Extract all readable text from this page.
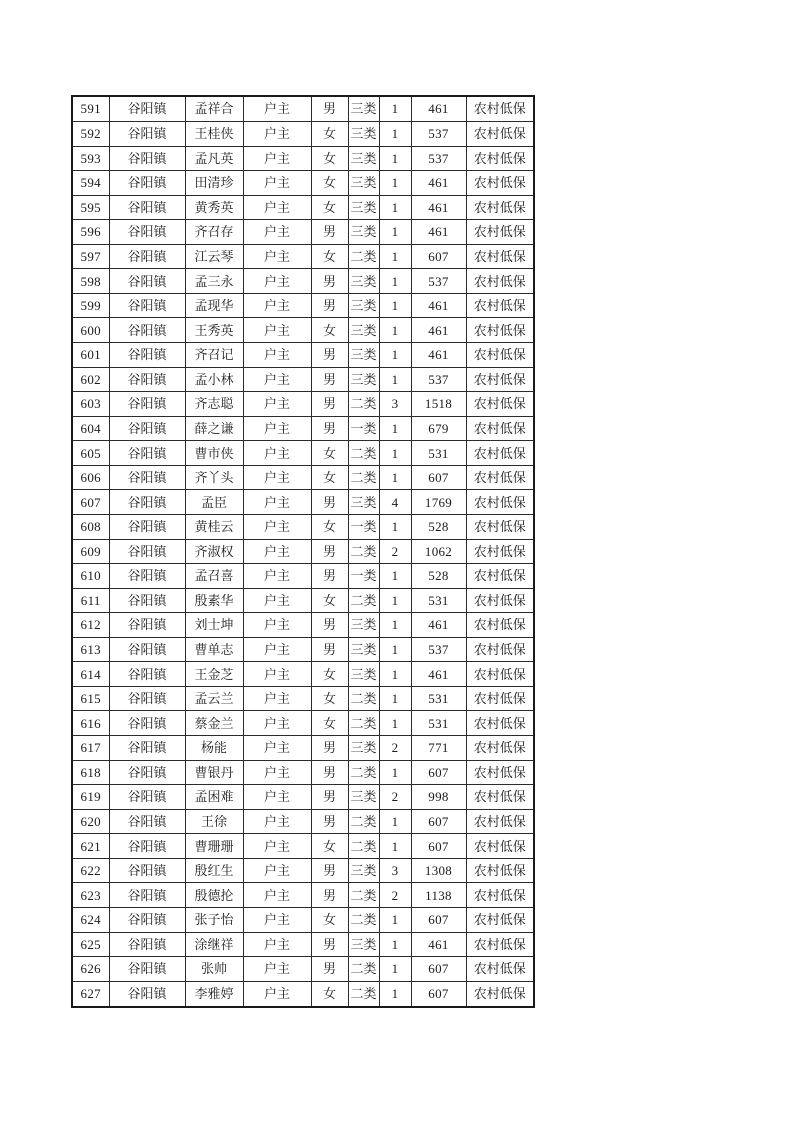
591	谷阳镇	孟祥合	户主	男	三类	1	461	农村低保
592	谷阳镇	王桂侠	户主	女	三类	1	537	农村低保
593	谷阳镇	孟凡英	户主	女	三类	1	537	农村低保
594	谷阳镇	田清珍	户主	女	三类	1	461	农村低保
595	谷阳镇	黄秀英	户主	女	三类	1	461	农村低保
596	谷阳镇	齐召存	户主	男	三类	1	461	农村低保
597	谷阳镇	江云琴	户主	女	二类	1	607	农村低保
598	谷阳镇	孟三永	户主	男	三类	1	537	农村低保
599	谷阳镇	孟现华	户主	男	三类	1	461	农村低保
600	谷阳镇	王秀英	户主	女	三类	1	461	农村低保
601	谷阳镇	齐召记	户主	男	三类	1	461	农村低保
602	谷阳镇	孟小林	户主	男	三类	1	537	农村低保
603	谷阳镇	齐志聪	户主	男	二类	3	1518	农村低保
604	谷阳镇	薛之谦	户主	男	一类	1	679	农村低保
605	谷阳镇	曹市侠	户主	女	二类	1	531	农村低保
606	谷阳镇	齐丫头	户主	女	二类	1	607	农村低保
607	谷阳镇	孟臣	户主	男	三类	4	1769	农村低保
608	谷阳镇	黄桂云	户主	女	一类	1	528	农村低保
609	谷阳镇	齐淑权	户主	男	二类	2	1062	农村低保
610	谷阳镇	孟召喜	户主	男	一类	1	528	农村低保
611	谷阳镇	殷素华	户主	女	二类	1	531	农村低保
612	谷阳镇	刘士坤	户主	男	三类	1	461	农村低保
613	谷阳镇	曹单志	户主	男	三类	1	537	农村低保
614	谷阳镇	王金芝	户主	女	三类	1	461	农村低保
615	谷阳镇	孟云兰	户主	女	二类	1	531	农村低保
616	谷阳镇	蔡金兰	户主	女	二类	1	531	农村低保
617	谷阳镇	杨能	户主	男	三类	2	771	农村低保
618	谷阳镇	曹银丹	户主	男	二类	1	607	农村低保
619	谷阳镇	孟困难	户主	男	三类	2	998	农村低保
620	谷阳镇	王徐	户主	男	二类	1	607	农村低保
621	谷阳镇	曹珊珊	户主	女	二类	1	607	农村低保
622	谷阳镇	殷红生	户主	男	三类	3	1308	农村低保
623	谷阳镇	殷德抡	户主	男	二类	2	1138	农村低保
624	谷阳镇	张子怡	户主	女	二类	1	607	农村低保
625	谷阳镇	涂继祥	户主	男	三类	1	461	农村低保
626	谷阳镇	张帅	户主	男	二类	1	607	农村低保
627	谷阳镇	李雅婷	户主	女	二类	1	607	农村低保
